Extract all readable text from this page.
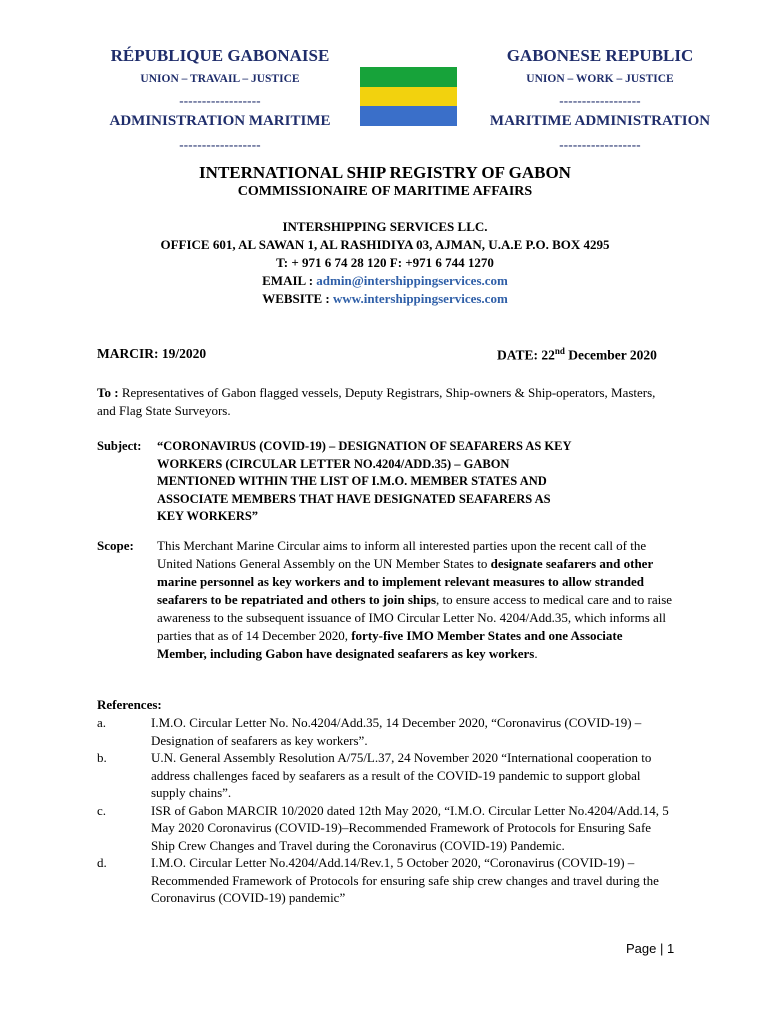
RÉPUBLIQUE GABONAISE
UNION – TRAVAIL – JUSTICE
------------------
ADMINISTRATION MARITIME
------------------
GABONESE REPUBLIC
UNION – WORK – JUSTICE
------------------
MARITIME ADMINISTRATION
------------------
INTERNATIONAL SHIP REGISTRY OF GABON
COMMISSIONAIRE OF MARITIME AFFAIRS
INTERSHIPPING SERVICES LLC.
OFFICE 601, AL SAWAN 1, AL RASHIDIYA 03, AJMAN, U.A.E P.O. BOX 4295
T: + 971 6 74 28 120 F: +971 6 744 1270
EMAIL : admin@intershippingservices.com
WEBSITE : www.intershippingservices.com
MARCIR: 19/2020	DATE: 22nd December 2020
To : Representatives of Gabon flagged vessels, Deputy Registrars, Ship-owners & Ship-operators, Masters, and Flag State Surveyors.
Subject: “CORONAVIRUS (COVID-19) – DESIGNATION OF SEAFARERS AS KEY
WORKERS (CIRCULAR LETTER NO.4204/ADD.35) – GABON
MENTIONED WITHIN THE LIST OF I.M.O. MEMBER STATES AND
ASSOCIATE MEMBERS THAT HAVE DESIGNATED SEAFARERS AS
KEY WORKERS”
Scope: This Merchant Marine Circular aims to inform all interested parties upon the recent call of the United Nations General Assembly on the UN Member States to designate seafarers and other marine personnel as key workers and to implement relevant measures to allow stranded seafarers to be repatriated and others to join ships, to ensure access to medical care and to raise awareness to the subsequent issuance of IMO Circular Letter No. 4204/Add.35, which informs all parties that as of 14 December 2020, forty-five IMO Member States and one Associate Member, including Gabon have designated seafarers as key workers.
References:
a.	I.M.O. Circular Letter No. No.4204/Add.35, 14 December 2020, “Coronavirus (COVID-19) – Designation of seafarers as key workers”.
b.	U.N. General Assembly Resolution A/75/L.37, 24 November 2020 “International cooperation to address challenges faced by seafarers as a result of the COVID-19 pandemic to support global supply chains”.
c.	ISR of Gabon MARCIR 10/2020 dated 12th May 2020, “I.M.O. Circular Letter No.4204/Add.14, 5 May 2020 Coronavirus (COVID-19)–Recommended Framework of Protocols for Ensuring Safe Ship Crew Changes and Travel during the Coronavirus (COVID-19) Pandemic.
d.	I.M.O. Circular Letter No.4204/Add.14/Rev.1, 5 October 2020, “Coronavirus (COVID-19) – Recommended Framework of Protocols for ensuring safe ship crew changes and travel during the Coronavirus (COVID-19) pandemic”
Page | 1
